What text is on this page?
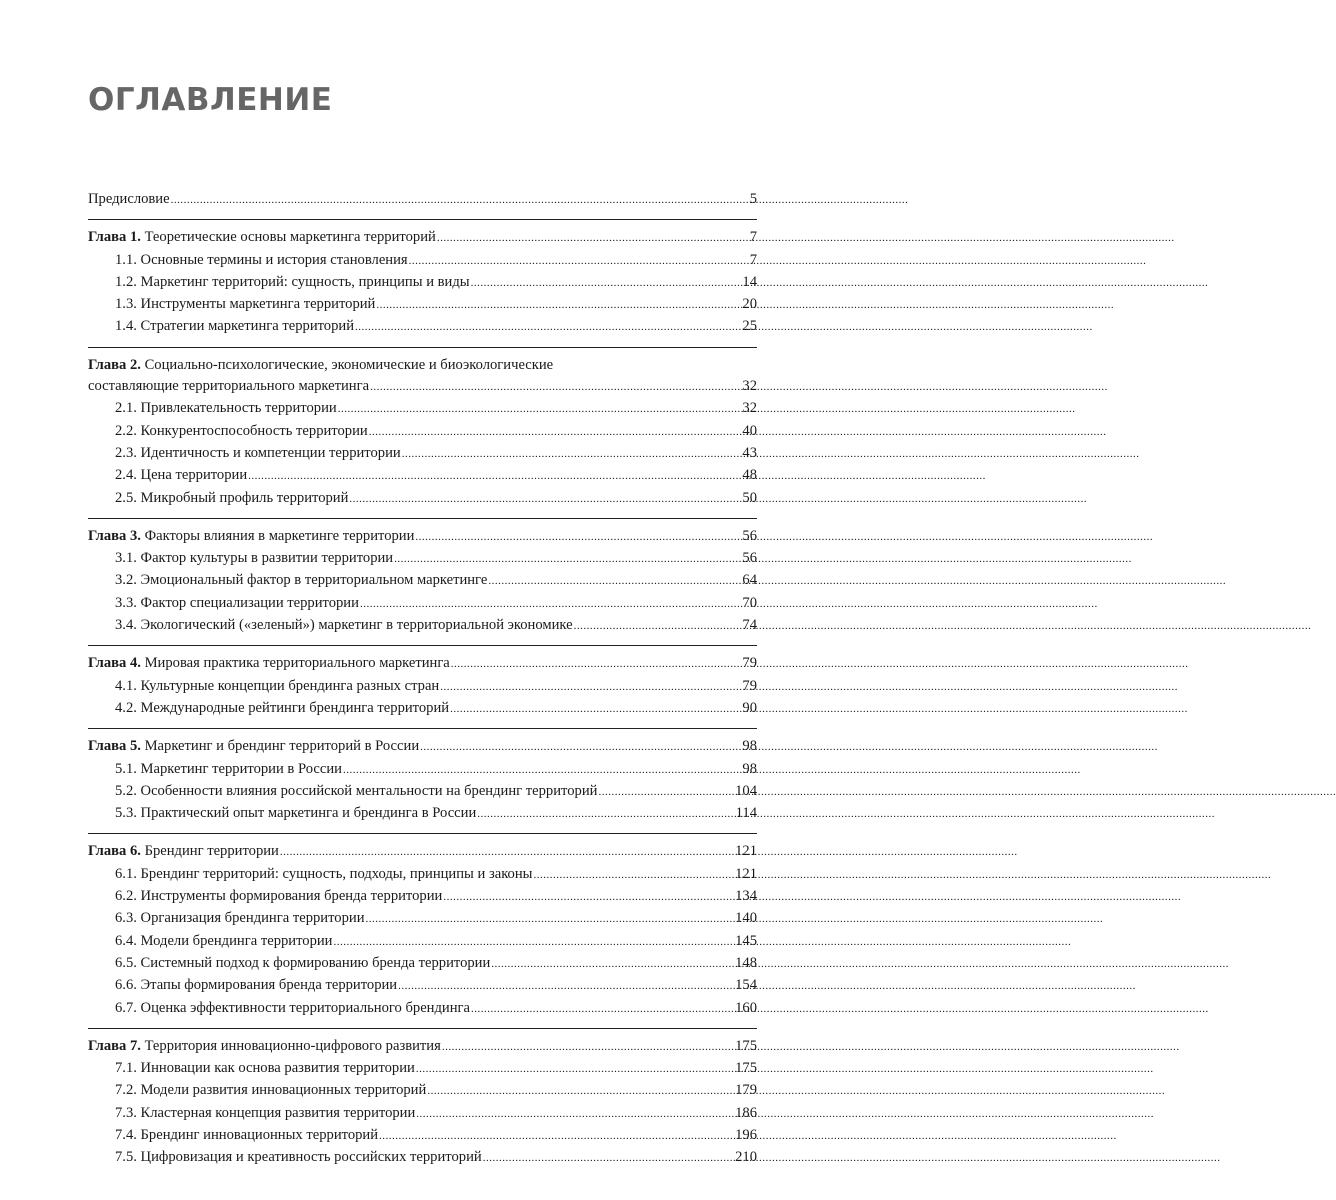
ОГЛАВЛЕНИЕ
Предисловие .....	5
Глава 1. Теоретические основы маркетинга территорий .....	7
1.1. Основные термины и история становления .....	7
1.2. Маркетинг территорий: сущность, принципы и виды .....	14
1.3. Инструменты маркетинга территорий .....	20
1.4. Стратегии маркетинга территорий .....	25
Глава 2. Социально-психологические, экономические и биоэкологические
составляющие территориального маркетинга .....	32
2.1. Привлекательность территории .....	32
2.2. Конкурентоспособность территории .....	40
2.3. Идентичность и компетенции территории .....	43
2.4. Цена территории .....	48
2.5. Микробный профиль территорий .....	50
Глава 3. Факторы влияния в маркетинге территории .....	56
3.1. Фактор культуры в развитии территории .....	56
3.2. Эмоциональный фактор в территориальном маркетинге .....	64
3.3. Фактор специализации территории .....	70
3.4. Экологический («зеленый») маркетинг в территориальной экономике .....	74
Глава 4. Мировая практика территориального маркетинга .....	79
4.1. Культурные концепции брендинга разных стран .....	79
4.2. Международные рейтинги брендинга территорий .....	90
Глава 5. Маркетинг и брендинг территорий в России .....	98
5.1. Маркетинг территории в России .....	98
5.2. Особенности влияния российской ментальности на брендинг территорий .....	104
5.3. Практический опыт маркетинга и брендинга в России .....	114
Глава 6. Брендинг территории .....	121
6.1. Брендинг территорий: сущность, подходы, принципы и законы .....	121
6.2. Инструменты формирования бренда территории .....	134
6.3. Организация брендинга территории .....	140
6.4. Модели брендинга территории .....	145
6.5. Системный подход к формированию бренда территории .....	148
6.6. Этапы формирования бренда территории .....	154
6.7. Оценка эффективности территориального брендинга .....	160
Глава 7. Территория инновационно-цифрового развития .....	175
7.1. Инновации как основа развития территории .....	175
7.2. Модели развития инновационных территорий .....	179
7.3. Кластерная концепция развития территории .....	186
7.4. Брендинг инновационных территорий .....	196
7.5. Цифровизация и креативность российских территорий .....	210
